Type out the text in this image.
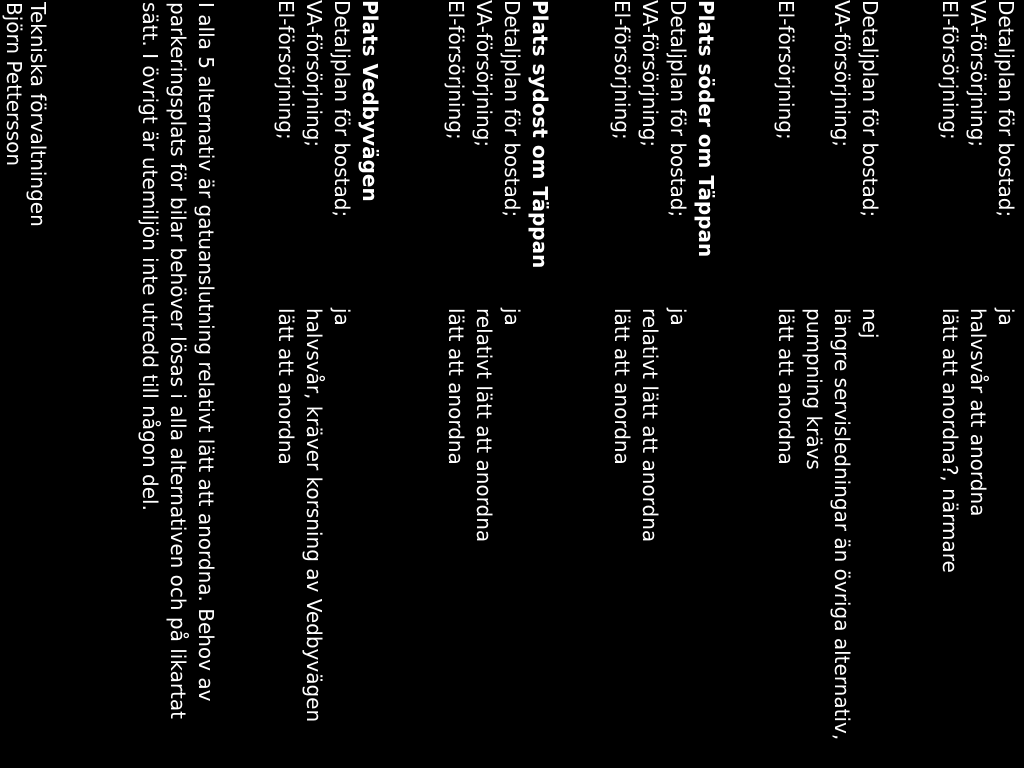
Detaljplan för bostad;
ja
VA-försörjning;
halvsvår att anordna
El-försörjning;
lätt att anordna?, närmare
Detaljplan för bostad;
nej
VA-försörjning;
längre servisledningar än övriga alternativ,
pumpning krävs
El-försörjning;
lätt att anordna
Plats söder om Täppan
Detaljplan för bostad;
ja
VA-försörjning;
relativt lätt att anordna
El-försörjning;
lätt att anordna
Plats sydost om Täppan
Detaljplan för bostad;
ja
VA-försörjning;
relativt lätt att anordna
El-försörjning;
lätt att anordna
Plats Vedbyvägen
Detaljplan för bostad;
ja
VA-försörjning;
halvsvår, kräver korsning av Vedbyvägen
El-försörjning;
lätt att anordna
I alla 5 alternativ är gatuanslutning relativt lätt att anordna. Behov av parkeringsplats för bilar behöver lösas i alla alternativen och på likartat sätt. I övrigt är utemiljön inte utredd till någon del.
Tekniska förvaltningen
Björn Pettersson
